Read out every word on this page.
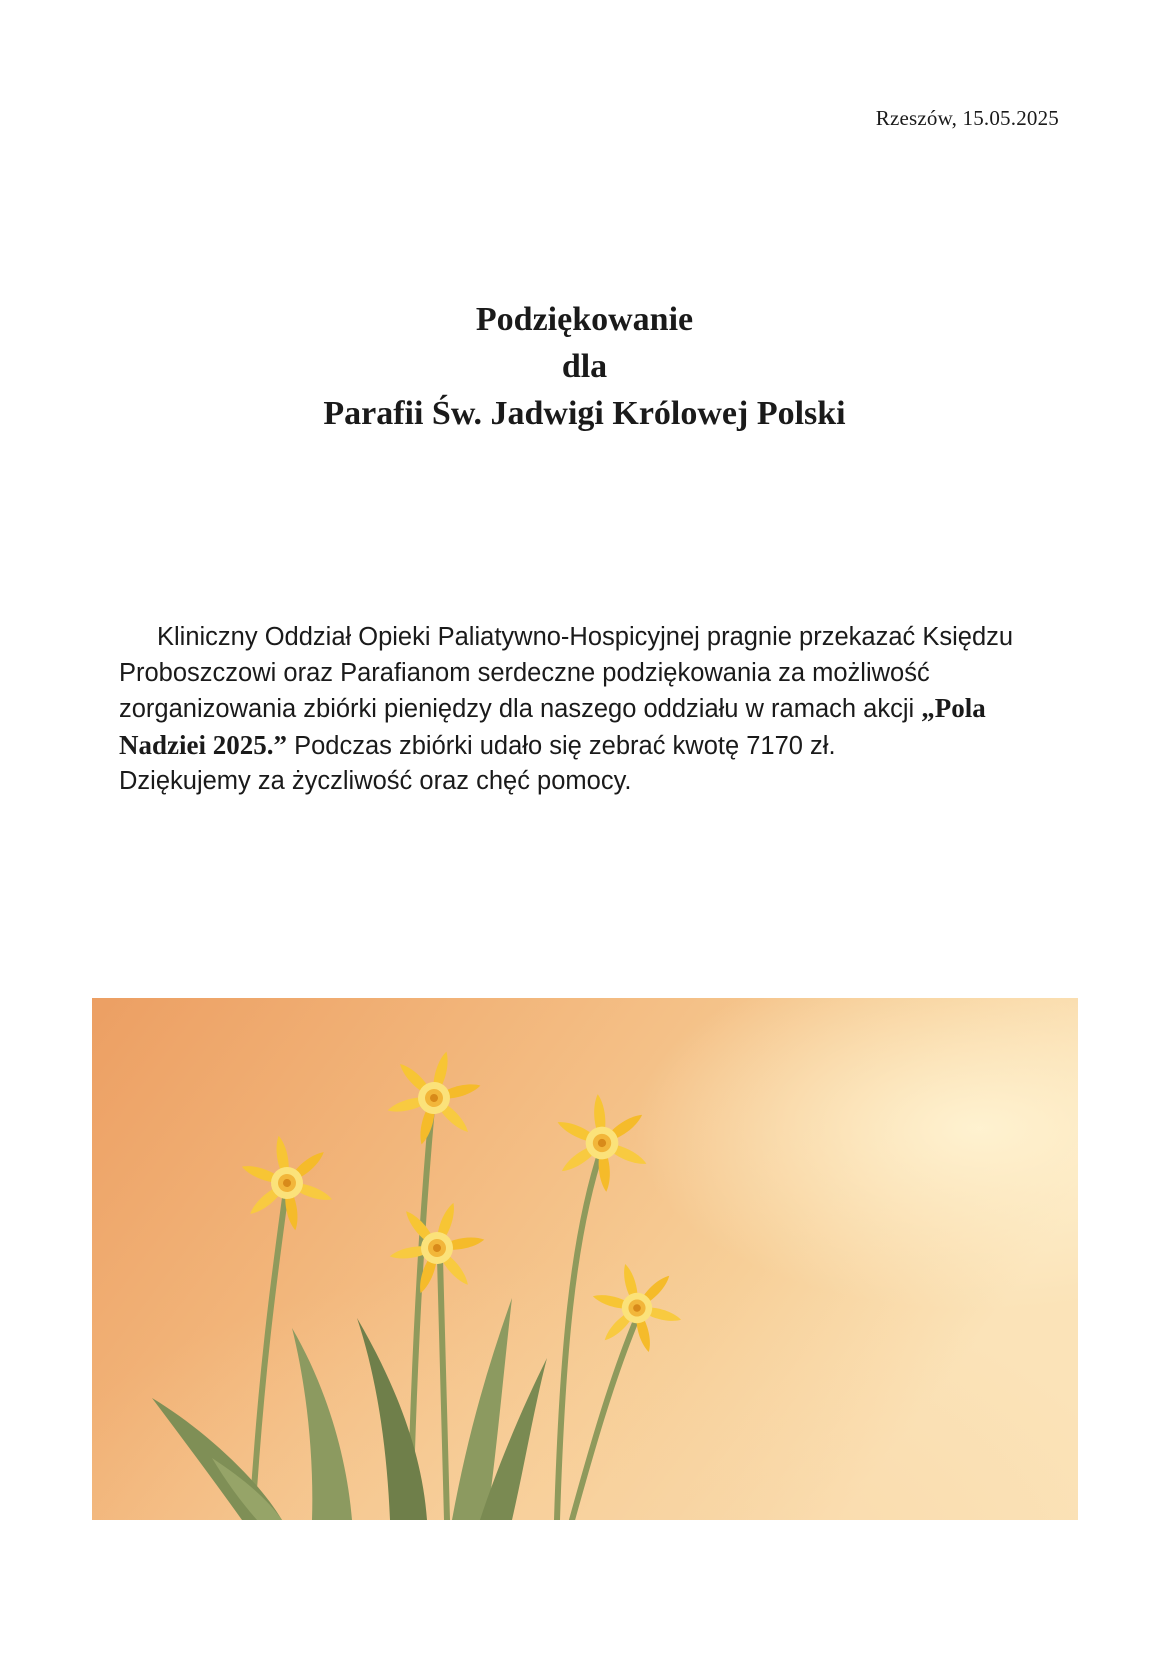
Rzeszów, 15.05.2025
Podziękowanie
dla
Parafii Św. Jadwigi Królowej Polski

Kliniczny Oddział Opieki Paliatywno-Hospicyjnej pragnie przekazać Księdzu Proboszczowi oraz Parafianom serdeczne podziękowania za możliwość zorganizowania zbiórki pieniędzy dla naszego oddziału w ramach akcji „Pola Nadziei 2025.” Podczas zbiórki udało się zebrać kwotę 7170 zł.

Dziękujemy za życzliwość oraz chęć pomocy.
